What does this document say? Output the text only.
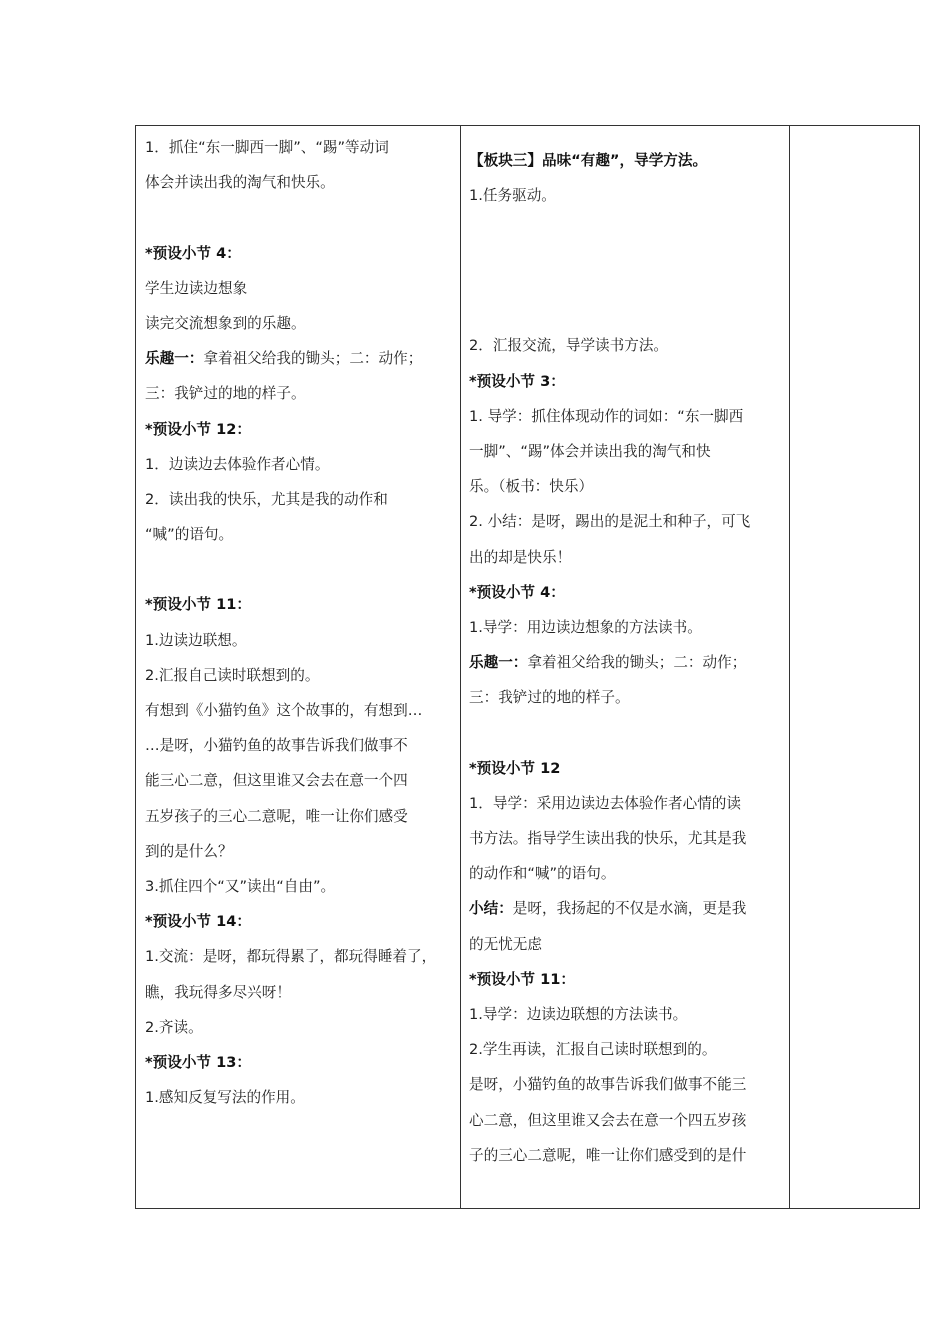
1．抓住“东一脚西一脚”、“踢”等动词
体会并读出我的淘气和快乐。
*预设小节 4：
学生边读边想象
读完交流想象到的乐趣。
乐趣一：拿着祖父给我的锄头；二：动作；
三：我铲过的地的样子。
*预设小节 12：
1．边读边去体验作者心情。
2．读出我的快乐，尤其是我的动作和
“喊”的语句。
*预设小节 11：
1.边读边联想。
2.汇报自己读时联想到的。
有想到《小猫钓鱼》这个故事的，有想到…
…是呀，小猫钓鱼的故事告诉我们做事不
能三心二意，但这里谁又会去在意一个四
五岁孩子的三心二意呢，唯一让你们感受
到的是什么？
3.抓住四个“又”读出“自由”。
*预设小节 14：
1.交流：是呀，都玩得累了，都玩得睡着了，
瞧，我玩得多尽兴呀！
2.齐读。
*预设小节 13：
1.感知反复写法的作用。
【板块三】品味“有趣”，导学方法。
1.任务驱动。
2．汇报交流，导学读书方法。
*预设小节 3：
1. 导学：抓住体现动作的词如：“东一脚西
一脚”、“踢”体会并读出我的淘气和快
乐。（板书：快乐）
2. 小结：是呀，踢出的是泥土和种子，可飞
出的却是快乐！
*预设小节 4：
1.导学：用边读边想象的方法读书。
乐趣一：拿着祖父给我的锄头；二：动作；
三：我铲过的地的样子。
*预设小节 12
1．导学：采用边读边去体验作者心情的读
书方法。指导学生读出我的快乐，尤其是我
的动作和“喊”的语句。
小结：是呀，我扬起的不仅是水滴，更是我
的无忧无虑
*预设小节 11：
1.导学：边读边联想的方法读书。
2.学生再读，汇报自己读时联想到的。
是呀，小猫钓鱼的故事告诉我们做事不能三
心二意，但这里谁又会去在意一个四五岁孩
子的三心二意呢，唯一让你们感受到的是什
